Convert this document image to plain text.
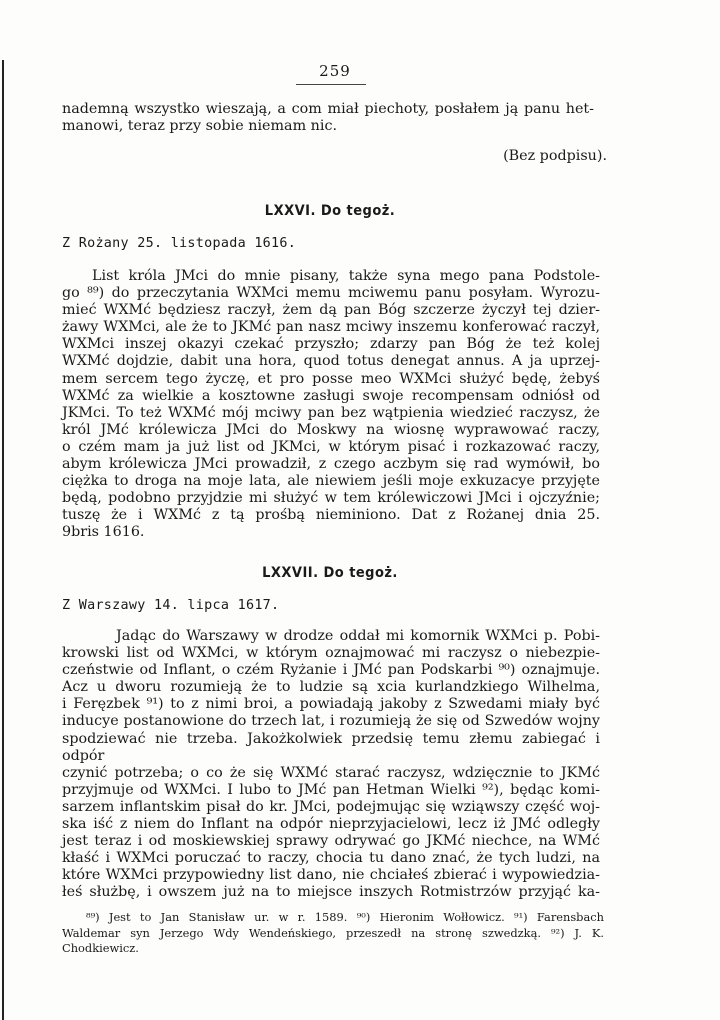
259
nademną wszystko wieszają, a com miał piechoty, posłałem ją panu het-
manowi, teraz przy sobie niemam nic.
(Bez podpisu).
LXXVI. Do tegoż.
Z Rożany 25. listopada 1616.
List króla JMci do mnie pisany, także syna mego pana Podstole-
go ⁸⁹) do przeczytania WXMci memu mciwemu panu posyłam. Wyrozu-
mieć WXMć będziesz raczył, żem dą pan Bóg szczerze życzył tej dzier-
żawy WXMci, ale że to JKMć pan nasz mciwy inszemu konferować raczył,
WXMci inszej okazyi czekać przyszło; zdarzy pan Bóg że też kolej
WXMć dojdzie, dabit una hora, quod totus denegat annus. A ja uprzej-
mem sercem tego życzę, et pro posse meo WXMci służyć będę, żebyś
WXMć za wielkie a kosztowne zasługi swoje recompensam odniósł od
JKMci. To też WXMć mój mciwy pan bez wątpienia wiedzieć raczysz, że
król JMć królewicza JMci do Moskwy na wiosnę wyprawować raczy,
o czém mam ja już list od JKMci, w którym pisać i rozkazować raczy,
abym królewicza JMci prowadził, z czego aczbym się rad wymówił, bo
ciężka to droga na moje lata, ale niewiem jeśli moje exkuzacye przyjęte
będą, podobno przyjdzie mi służyć w tem królewiczowi JMci i ojczyźnie;
tuszę że i WXMć z tą prośbą nieminiono. Dat z Rożanej dnia 25.
9bris 1616.
LXXVII. Do tegoż.
Z Warszawy 14. lipca 1617.
Jadąc do Warszawy w drodze oddał mi komornik WXMci p. Pobi-
krowski list od WXMci, w którym oznajmować mi raczysz o niebezpie-
czeństwie od Inflant, o czém Ryżanie i JMć pan Podskarbi ⁹⁰) oznajmuje.
Acz u dworu rozumieją że to ludzie są xcia kurlandzkiego Wilhelma,
i Feręzbek ⁹¹) to z nimi broi, a powiadają jakoby z Szwedami miały być
inducye postanowione do trzech lat, i rozumieją że się od Szwedów wojny
spodziewać nie trzeba. Jakożkolwiek przedsię temu złemu zabiegać i odpór
czynić potrzeba; o co że się WXMć starać raczysz, wdzięcznie to JKMć
przyjmuje od WXMci. I lubo to JMć pan Hetman Wielki ⁹²), będąc komi-
sarzem inflantskim pisał do kr. JMci, podejmując się wziąwszy część woj-
ska iść z niem do Inflant na odpór nieprzyjacielowi, lecz iż JMć odległy
jest teraz i od moskiewskiej sprawy odrywać go JKMć niechce, na WMć
kłaść i WXMci poruczać to raczy, chocia tu dano znać, że tych ludzi, na
które WXMci przypowiedny list dano, nie chciałeś zbierać i wypowiedzia-
łeś służbę, i owszem już na to miejsce inszych Rotmistrzów przyjąć ka-
⁸⁹) Jest to Jan Stanisław ur. w r. 1589. ⁹⁰) Hieronim Wołłowicz. ⁹¹) Farensbach
Waldemar syn Jerzego Wdy Wendeńskiego, przeszedł na stronę szwedzką. ⁹²) J. K.
Chodkiewicz.
